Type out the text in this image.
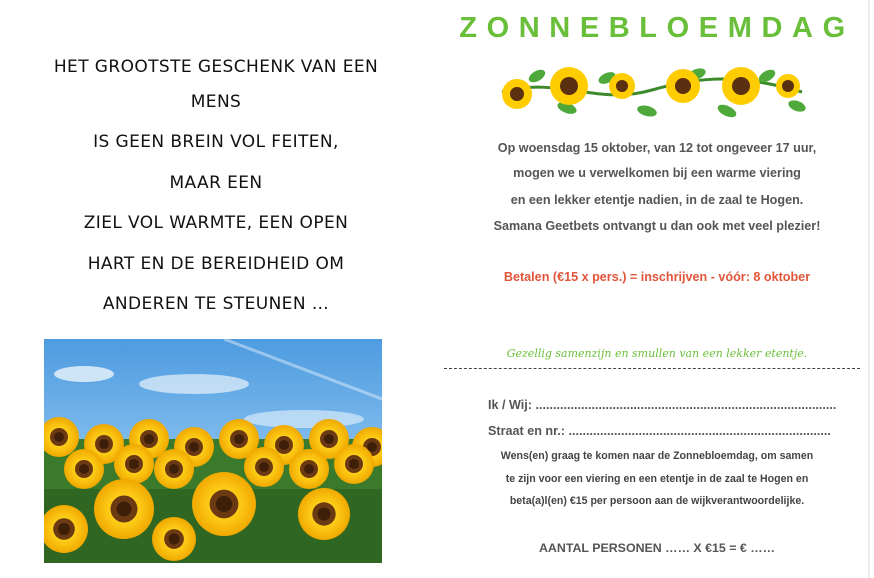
HET GROOTSTE GESCHENK VAN EEN
MENS
IS GEEN BREIN VOL FEITEN,
MAAR EEN
ZIEL VOL WARMTE, EEN OPEN
HART EN DE BEREIDHEID OM
ANDEREN TE STEUNEN …
ZONNEBLOEMDAG
Op woensdag 15 oktober, van 12 tot ongeveer 17 uur,
mogen we u verwelkomen bij een warme viering
en een lekker etentje nadien, in de zaal te Hogen.
Samana Geetbets ontvangt u dan ook met veel plezier!
Betalen (€15 x pers.) = inschrijven - vóór: 8 oktober
Gezellig samenzijn en smullen van een lekker etentje.
Ik / Wij: ......................................................................................
Straat en nr.: ...........................................................................
Wens(en) graag te komen naar de Zonnebloemdag, om samen
te zijn voor een viering en een etentje in de zaal te Hogen en
beta(a)l(en) €15 per persoon aan de wijkverantwoordelijke.
AANTAL PERSONEN …… X €15 = € ……
